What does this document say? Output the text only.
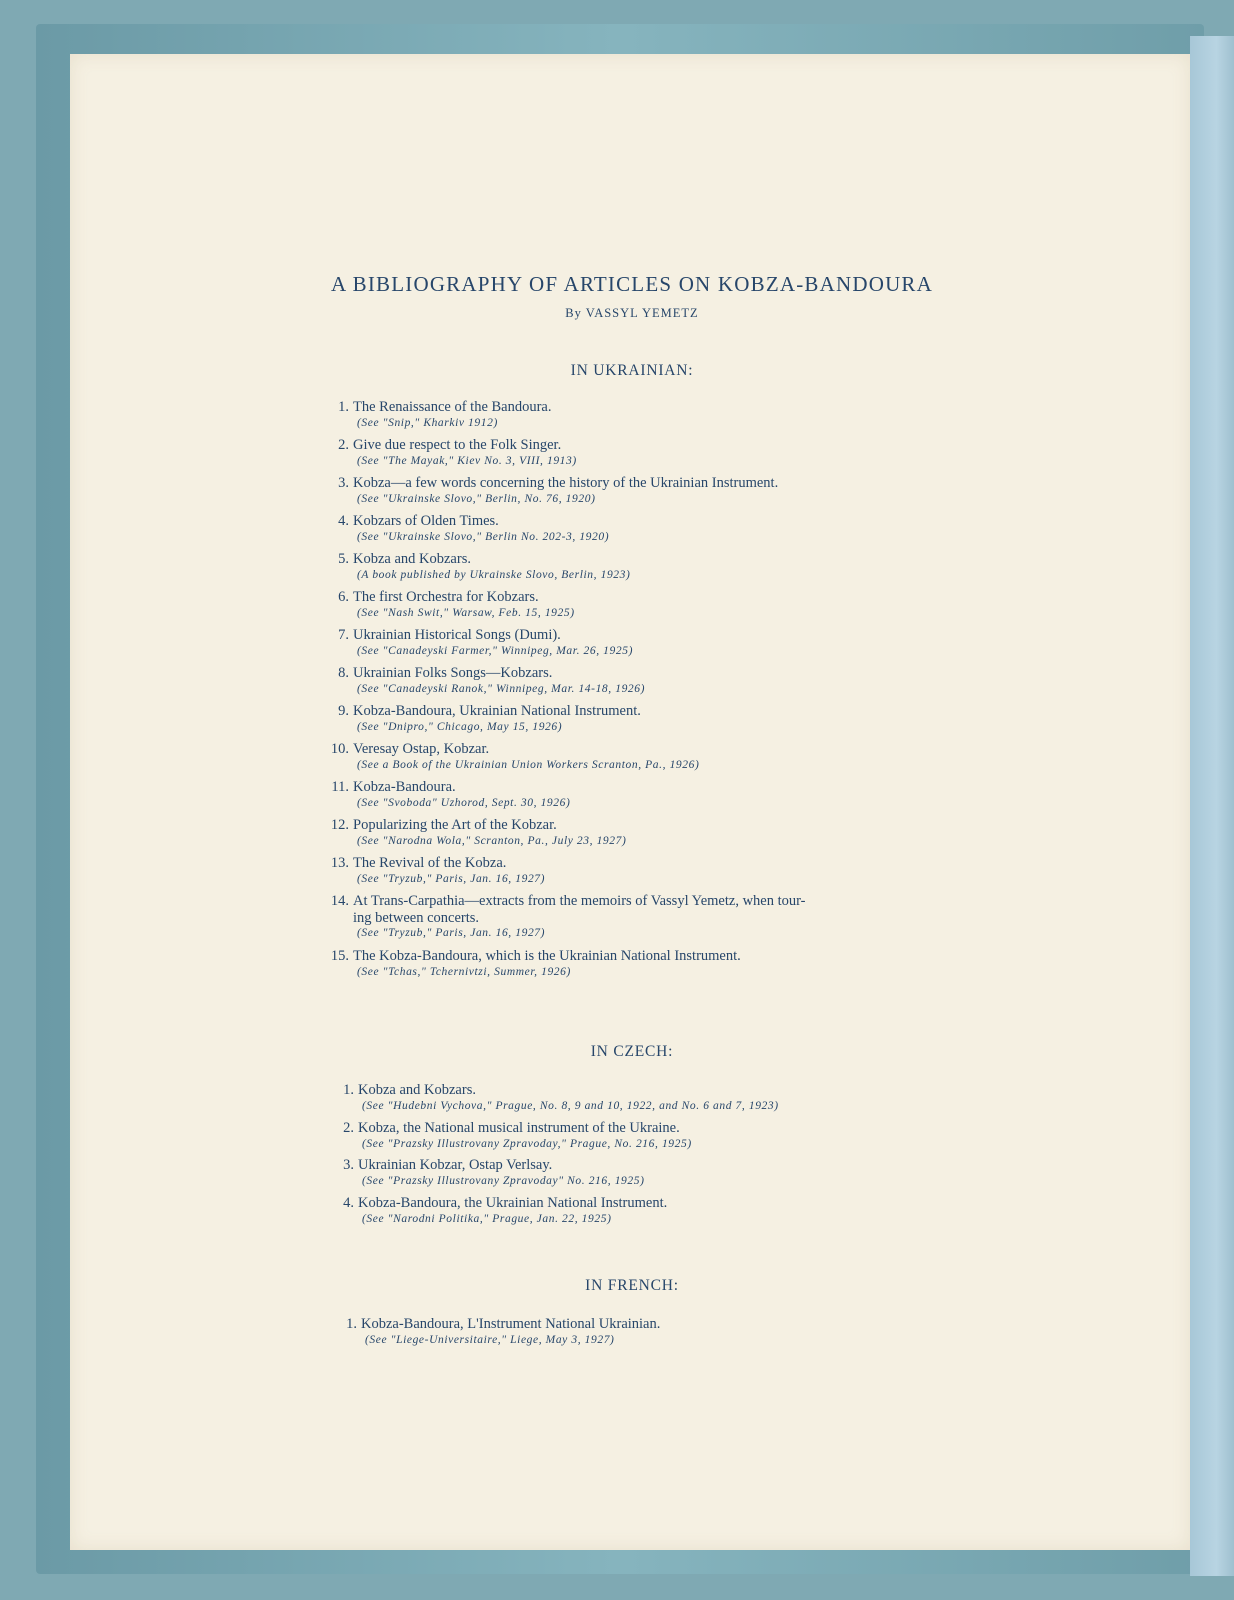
A BIBLIOGRAPHY OF ARTICLES ON KOBZA-BANDOURA
By VASSYL YEMETZ
IN UKRAINIAN:
1. The Renaissance of the Bandoura.
(See "Snip," Kharkiv 1912)
2. Give due respect to the Folk Singer.
(See "The Mayak," Kiev No. 3, VIII, 1913)
3. Kobza—a few words concerning the history of the Ukrainian Instrument.
(See "Ukrainske Slovo," Berlin, No. 76, 1920)
4. Kobzars of Olden Times.
(See "Ukrainske Slovo," Berlin No. 202-3, 1920)
5. Kobza and Kobzars.
(A book published by Ukrainske Slovo, Berlin, 1923)
6. The first Orchestra for Kobzars.
(See "Nash Swit," Warsaw, Feb. 15, 1925)
7. Ukrainian Historical Songs (Dumi).
(See "Canadeyski Farmer," Winnipeg, Mar. 26, 1925)
8. Ukrainian Folks Songs—Kobzars.
(See "Canadeyski Ranok," Winnipeg, Mar. 14-18, 1926)
9. Kobza-Bandoura, Ukrainian National Instrument.
(See "Dnipro," Chicago, May 15, 1926)
10. Veresay Ostap, Kobzar.
(See a Book of the Ukrainian Union Workers Scranton, Pa., 1926)
11. Kobza-Bandoura.
(See "Svoboda" Uzhorod, Sept. 30, 1926)
12. Popularizing the Art of the Kobzar.
(See "Narodna Wola," Scranton, Pa., July 23, 1927)
13. The Revival of the Kobza.
(See "Tryzub," Paris, Jan. 16, 1927)
14. At Trans-Carpathia—extracts from the memoirs of Vassyl Yemetz, when tour-
ing between concerts.
(See "Tryzub," Paris, Jan. 16, 1927)
15. The Kobza-Bandoura, which is the Ukrainian National Instrument.
(See "Tchas," Tchernivtzi, Summer, 1926)
IN CZECH:
1. Kobza and Kobzars.
(See "Hudebni Vychova," Prague, No. 8, 9 and 10, 1922, and No. 6 and 7, 1923)
2. Kobza, the National musical instrument of the Ukraine.
(See "Prazsky Illustrovany Zpravoday," Prague, No. 216, 1925)
3. Ukrainian Kobzar, Ostap Verlsay.
(See "Prazsky Illustrovany Zpravoday" No. 216, 1925)
4. Kobza-Bandoura, the Ukrainian National Instrument.
(See "Narodni Politika," Prague, Jan. 22, 1925)
IN FRENCH:
1. Kobza-Bandoura, L'Instrument National Ukrainian.
(See "Liege-Universitaire," Liege, May 3, 1927)
